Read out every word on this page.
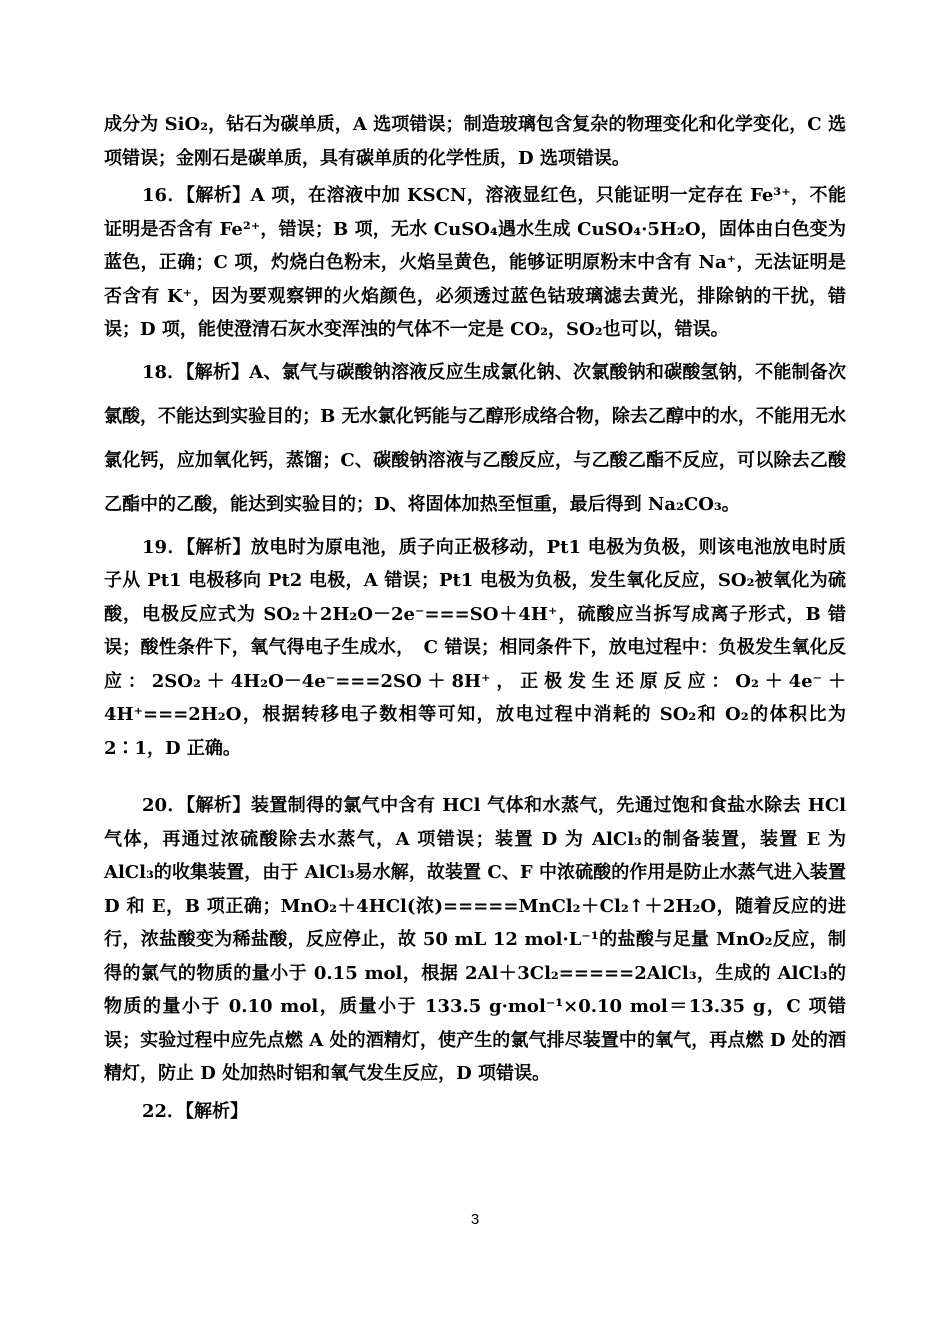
成分为 SiO₂，钻石为碳单质，A 选项错误；制造玻璃包含复杂的物理变化和化学变化，C 选项错误；金刚石是碳单质，具有碳单质的化学性质，D 选项错误。

16．【解析】A 项，在溶液中加 KSCN，溶液显红色，只能证明一定存在 Fe³⁺，不能证明是否含有 Fe²⁺，错误；B 项，无水 CuSO₄遇水生成 CuSO₄·5H₂O，固体由白色变为蓝色，正确；C 项，灼烧白色粉末，火焰呈黄色，能够证明原粉末中含有 Na⁺，无法证明是否含有 K⁺，因为要观察钾的火焰颜色，必须透过蓝色钴玻璃滤去黄光，排除钠的干扰，错误；D 项，能使澄清石灰水变浑浊的气体不一定是 CO₂，SO₂也可以，错误。

18．【解析】A、氯气与碳酸钠溶液反应生成氯化钠、次氯酸钠和碳酸氢钠，不能制备次氯酸，不能达到实验目的；B 无水氯化钙能与乙醇形成络合物，除去乙醇中的水，不能用无水氯化钙，应加氧化钙，蒸馏；C、碳酸钠溶液与乙酸反应，与乙酸乙酯不反应，可以除去乙酸乙酯中的乙酸，能达到实验目的；D、将固体加热至恒重，最后得到 Na₂CO₃。

19．【解析】放电时为原电池，质子向正极移动，Pt1 电极为负极，则该电池放电时质子从 Pt1 电极移向 Pt2 电极，A 错误；Pt1 电极为负极，发生氧化反应，SO₂被氧化为硫酸，电极反应式为 SO₂＋2H₂O－2e⁻===SO＋4H⁺，硫酸应当拆写成离子形式，B 错误；酸性条件下，氧气得电子生成水，　C 错误；相同条件下，放电过程中：负极发生氧化反应：2SO₂＋4H₂O－4e⁻===2SO＋8H⁺，正极发生还原反应：O₂＋4e⁻＋4H⁺===2H₂O，根据转移电子数相等可知，放电过程中消耗的 SO₂和 O₂的体积比为 2∶1，D 正确。

20．【解析】装置制得的氯气中含有 HCl 气体和水蒸气，先通过饱和食盐水除去 HCl 气体，再通过浓硫酸除去水蒸气，A 项错误；装置 D 为 AlCl₃的制备装置，装置 E 为 AlCl₃的收集装置，由于 AlCl₃易水解，故装置 C、F 中浓硫酸的作用是防止水蒸气进入装置 D 和 E，B 项正确；MnO₂＋4HCl(浓)=====MnCl₂＋Cl₂↑＋2H₂O，随着反应的进行，浓盐酸变为稀盐酸，反应停止，故 50 mL 12 mol·L⁻¹的盐酸与足量 MnO₂反应，制得的氯气的物质的量小于 0.15 mol，根据 2Al＋3Cl₂=====2AlCl₃，生成的 AlCl₃的物质的量小于 0.10 mol，质量小于 133.5 g·mol⁻¹×0.10 mol＝13.35 g，C 项错误；实验过程中应先点燃 A 处的酒精灯，使产生的氯气排尽装置中的氧气，再点燃 D 处的酒精灯，防止 D 处加热时铝和氧气发生反应，D 项错误。

22．【解析】

3
